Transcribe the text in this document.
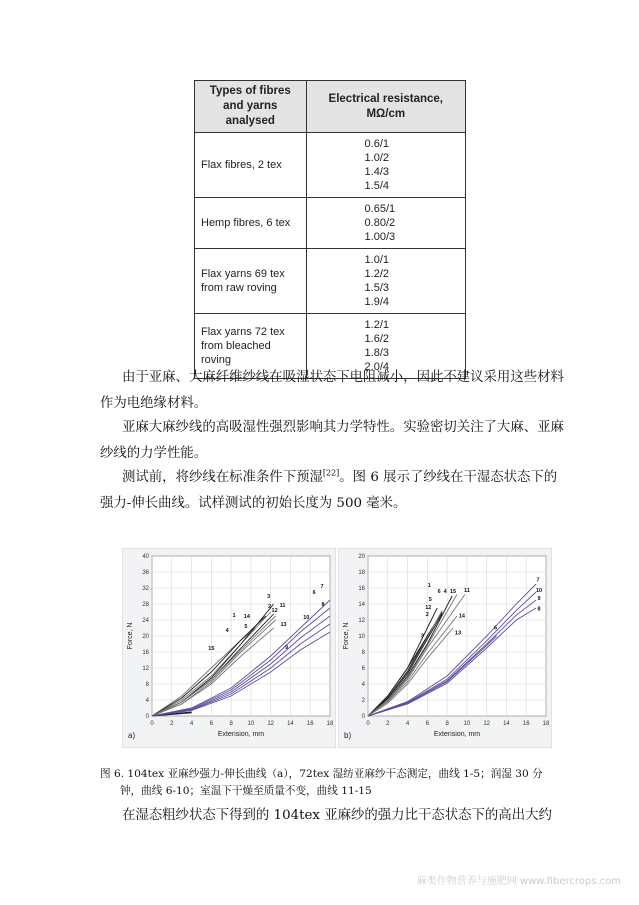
Types of fibres and yarns analysed	Electrical resistance, MΩ/cm
Flax fibres, 2 tex	0.6/1
1.0/2
1.4/3
1.5/4

Hemp fibres, 6 tex	0.65/1
0.80/2
1.00/3

Flax yarns 69 tex
from raw roving	1.0/1
1.2/2
1.5/3
1.9/4

Flax yarns 72 tex
from bleached roving	1.2/1
1.6/2
1.8/3
2.0/4
由于亚麻、大麻纤维纱线在吸湿状态下电阻减小，因此不建议采用这些材料
作为电绝缘材料。
亚麻大麻纱线的高吸湿性强烈影响其力学特性。实验密切关注了大麻、亚麻
纱线的力学性能。
测试前，将纱线在标准条件下预湿[22]。图 6 展示了纱线在干湿态状态下的
强力-伸长曲线。试样测试的初始长度为 500 毫米。
0	2	4	6	8 10 12 14 16 18
0
4
8
12
16
20
24
28
32
36
40
Extension, mm
Force, N
a)
3
2
12
11
13
14
4
5
1
15
7
6
8
10
9
0	2	4	6	8 10 12 14 16 18
0
2
4
6
8
10
12
14
16
18
20
Extension, mm
Force, N
b)
6 4 15 11
1
5
12
2
3
14
13
7
10
9
8
6
图 6. 104tex 亚麻纱强力-伸长曲线（a），72tex 湿纺亚麻纱干态测定，曲线 1-5；润湿 30 分
钟，曲线 6-10；室温下干燥至质量不变，曲线 11-15
在湿态粗纱状态下得到的 104tex 亚麻纱的强力比干态状态下的高出大约
麻类作物营养与施肥网 www.fibercrops.com
